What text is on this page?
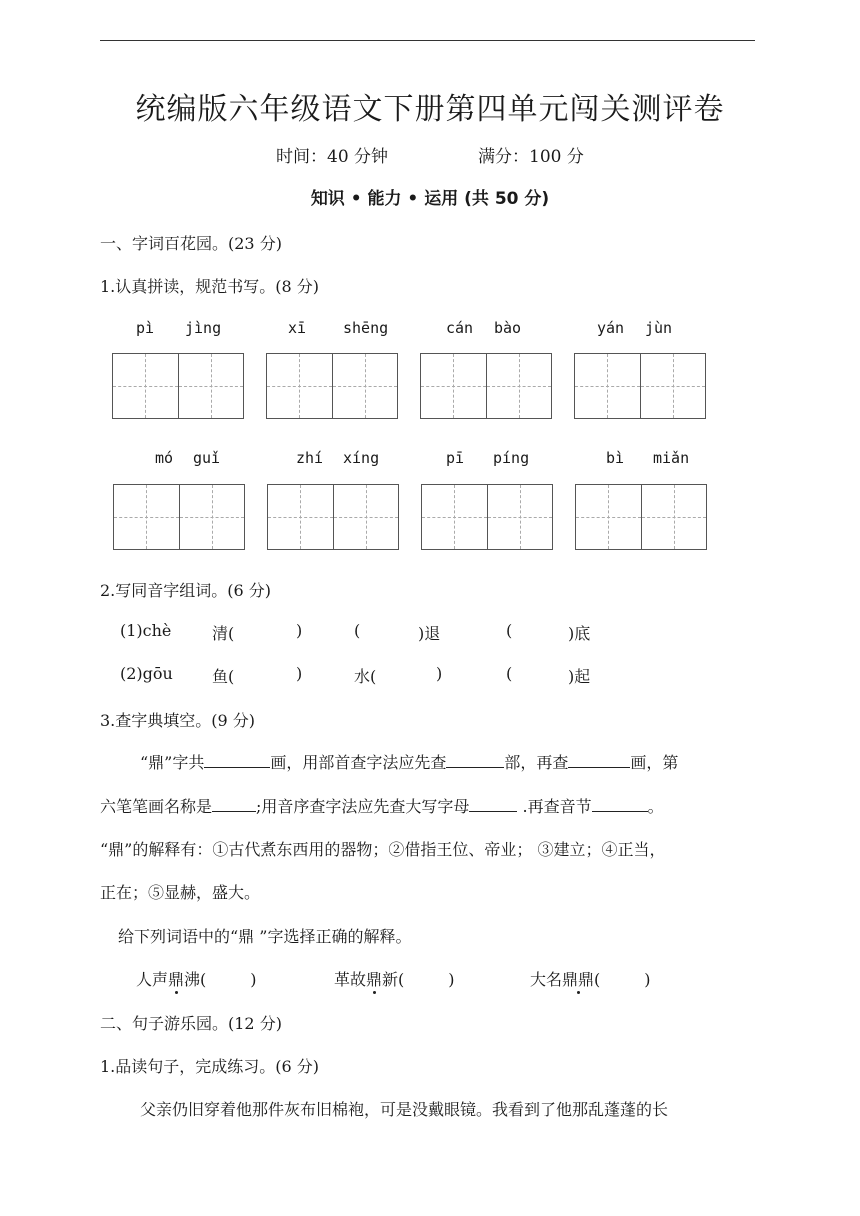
统编版六年级语文下册第四单元闯关测评卷
时间：40 分钟	满分：100 分
知识 • 能力 • 运用 (共 50 分)
一、字词百花园。(23 分)
1.认真拼读，规范书写。(8 分)
pì jìng	xī shēng	cán bào	yán jùn
mó guǐ	zhí xíng	pī píng	bì miǎn
2.写同音字组词。(6 分)
(1)chè	清(	)	(	)退	(	)底
(2)gōu 鱼(	)	水(	)	(	)起
3.查字典填空。(9 分)
“鼎”字共	画，用部首查字法应先查	部，再查	画，第
六笔笔画名称是	;用音序查字法应先查大写字母	.再查音节	。
“鼎”的解释有：①古代煮东西用的器物；②借指王位、帝业； ③建立；④正当，
正在；⑤显赫，盛大。
给下列词语中的“鼎 ”字选择正确的解释。
人声鼎沸(	)	革故鼎新(	)	大名鼎鼎(	)
二、句子游乐园。(12 分)
1.品读句子，完成练习。(6 分)
父亲仍旧穿着他那件灰布旧棉袍，可是没戴眼镜。我看到了他那乱蓬蓬的长
